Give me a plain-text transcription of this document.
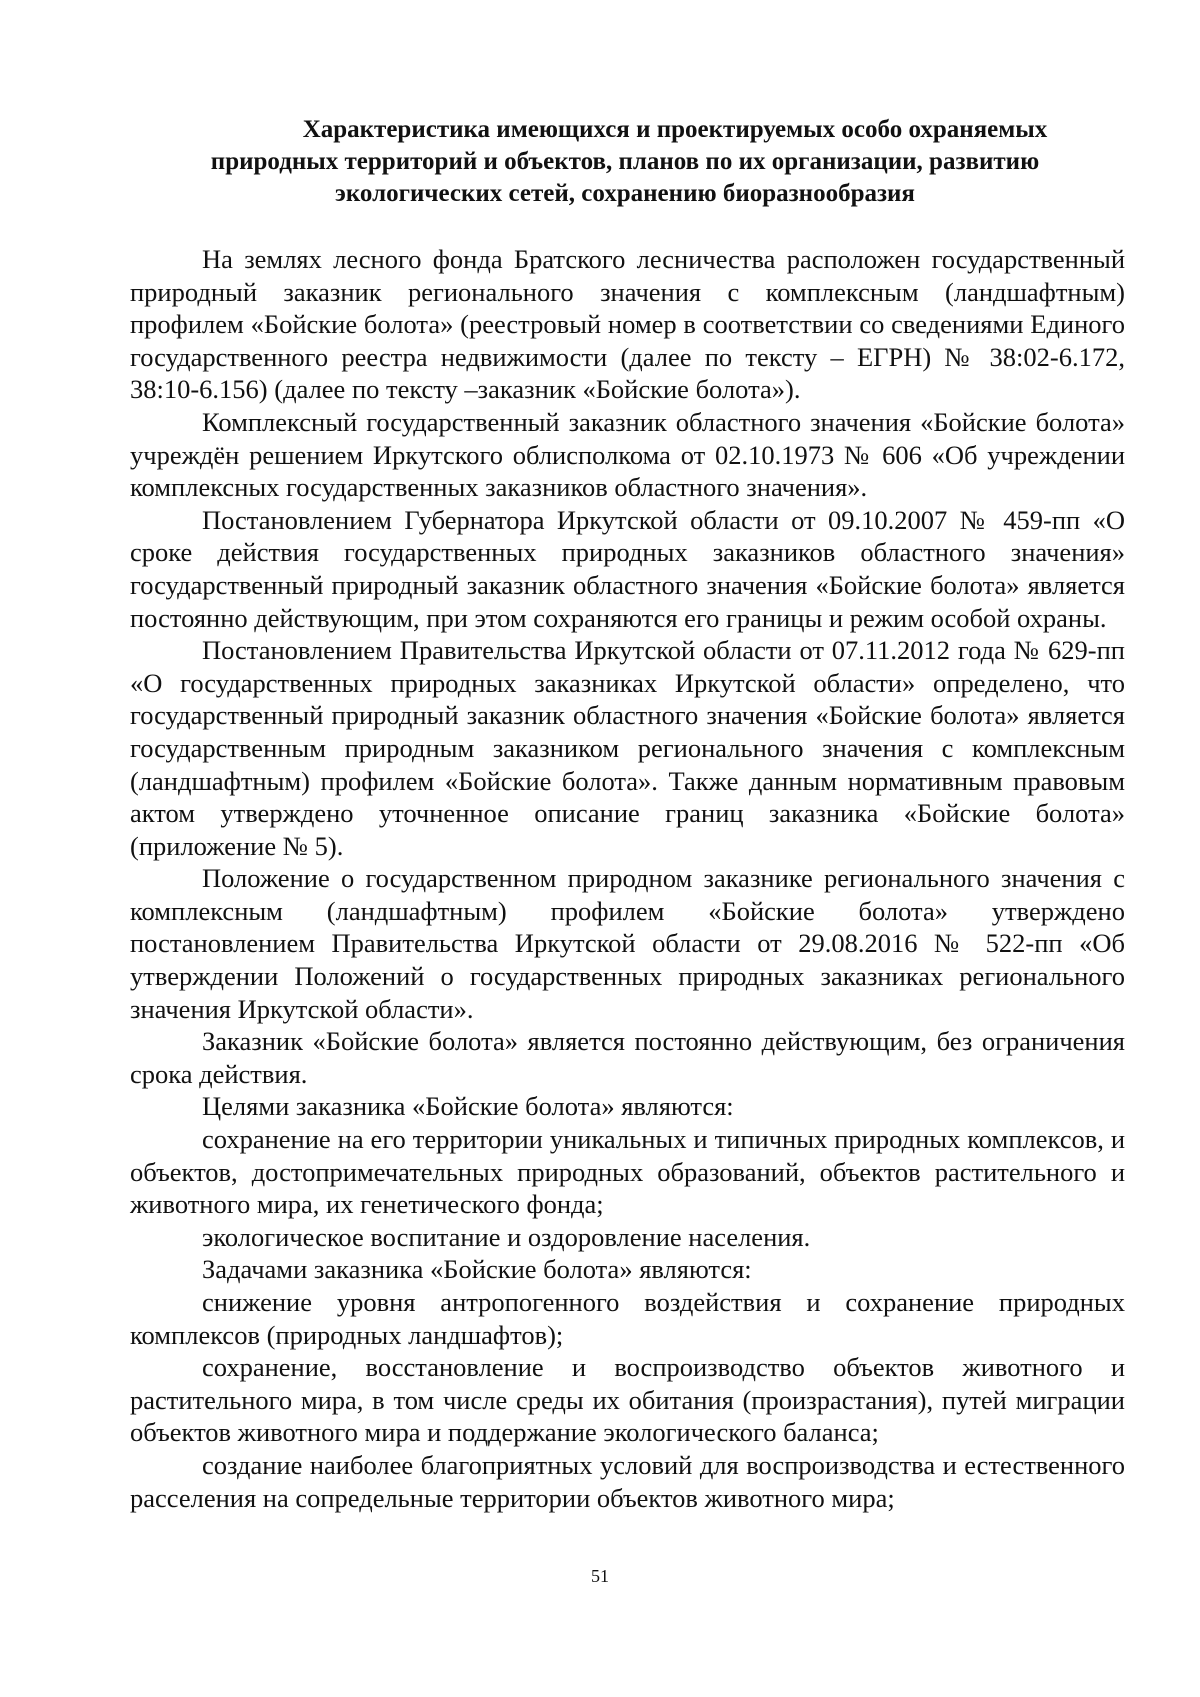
Характеристика имеющихся и проектируемых особо охраняемых
природных территорий и объектов, планов по их организации, развитию
экологических сетей, сохранению биоразнообразия

На землях лесного фонда Братского лесничества расположен государственный природный заказник регионального значения с комплексным (ландшафтным) профилем «Бойские болота» (реестровый номер в соответствии со сведениями Единого государственного реестра недвижимости (далее по тексту – ЕГРН) № 38:02-6.172, 38:10-6.156) (далее по тексту –заказник «Бойские болота»).

Комплексный государственный заказник областного значения «Бойские болота» учреждён решением Иркутского облисполкома от 02.10.1973 № 606 «Об учреждении комплексных государственных заказников областного значения».

Постановлением Губернатора Иркутской области от 09.10.2007 № 459-пп «О сроке действия государственных природных заказников областного значения» государственный природный заказник областного значения «Бойские болота» является постоянно действующим, при этом сохраняются его границы и режим особой охраны.

Постановлением Правительства Иркутской области от 07.11.2012 года № 629-пп «О государственных природных заказниках Иркутской области» определено, что государственный природный заказник областного значения «Бойские болота» является государственным природным заказником регионального значения с комплексным (ландшафтным) профилем «Бойские болота». Также данным нормативным правовым актом утверждено уточненное описание границ заказника «Бойские болота» (приложение № 5).

Положение о государственном природном заказнике регионального значения с комплексным (ландшафтным) профилем «Бойские болота» утверждено постановлением Правительства Иркутской области от 29.08.2016 № 522-пп «Об утверждении Положений о государственных природных заказниках регионального значения Иркутской области».

Заказник «Бойские болота» является постоянно действующим, без ограничения срока действия.

Целями заказника «Бойские болота» являются:

сохранение на его территории уникальных и типичных природных комплексов, и объектов, достопримечательных природных образований, объектов растительного и животного мира, их генетического фонда;

экологическое воспитание и оздоровление населения.

Задачами заказника «Бойские болота» являются:

снижение уровня антропогенного воздействия и сохранение природных комплексов (природных ландшафтов);

сохранение, восстановление и воспроизводство объектов животного и растительного мира, в том числе среды их обитания (произрастания), путей миграции объектов животного мира и поддержание экологического баланса;

создание наиболее благоприятных условий для воспроизводства и естественного расселения на сопредельные территории объектов животного мира;

51
